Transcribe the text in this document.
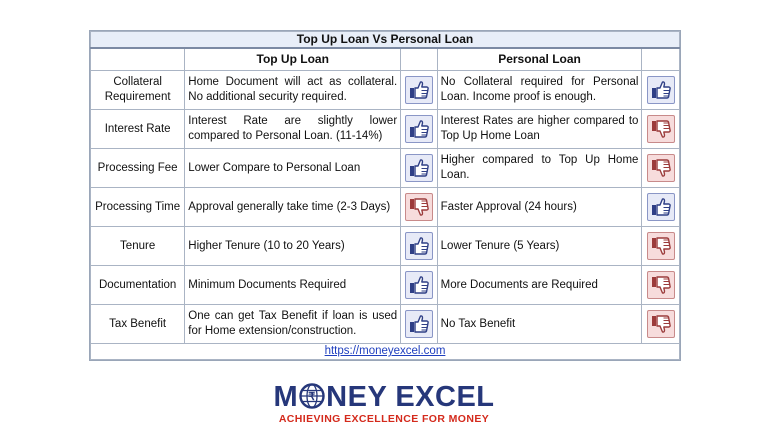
Top Up Loan Vs Personal Loan				
	Top Up Loan		Personal Loan	
Collateral Requirement	Home Document will act as collateral. No additional security required.		No Collateral required for Personal Loan. Income proof is enough.	

Interest Rate	Interest Rate are slightly lower compared to Personal Loan. (11-14%)		Interest Rates are higher compared to Top Up Home Loan	

Processing Fee	Lower Compare to Personal Loan		Higher compared to Top Up Home Loan.	

Processing Time	Approval generally take time (2-3 Days)		Faster Approval (24 hours)	

Tenure	Higher Tenure (10 to 20 Years)		Lower Tenure (5 Years)	

Documentation	Minimum Documents Required		More Documents are Required	

Tax Benefit	One can get Tax Benefit if loan is used for Home extension/construction.		No Tax Benefit	

https://moneyexcel.com				
M ₹ NEY EXCEL
ACHIEVING EXCELLENCE FOR MONEY
